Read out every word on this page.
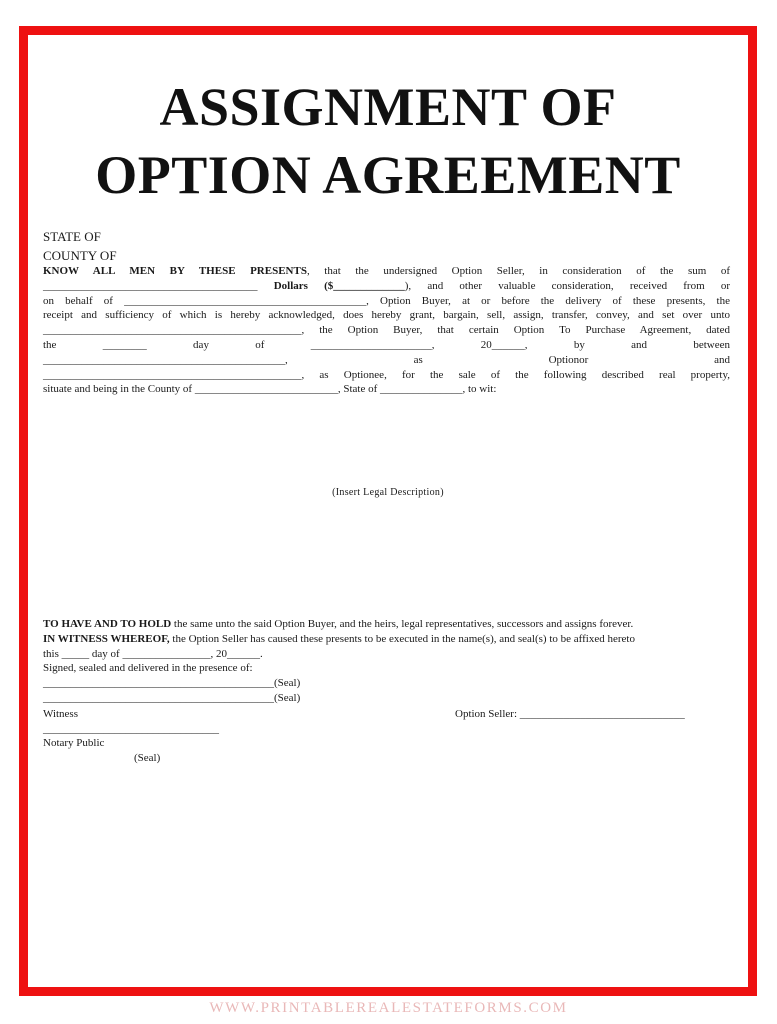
ASSIGNMENT OF
OPTION AGREEMENT
STATE OF
COUNTY OF
KNOW ALL MEN BY THESE PRESENTS, that the undersigned Option Seller, in consideration of the sum of
_______________________________________ Dollars ($_____________), and other valuable consideration, received from or
on behalf of ____________________________________________, Option Buyer, at or before the delivery of these presents, the
receipt and sufficiency of which is hereby acknowledged, does hereby grant, bargain, sell, assign, transfer, convey, and set over unto
_______________________________________________, the Option Buyer, that certain Option To Purchase Agreement, dated
the ________ day of ______________________, 20______, by and between
____________________________________________, as Optionor and
_______________________________________________, as Optionee, for the sale of the following described real property,
situate and being in the County of __________________________, State of _______________, to wit:
(Insert Legal Description)
TO HAVE AND TO HOLD the same unto the said Option Buyer, and the heirs, legal representatives, successors and assigns forever.
IN WITNESS WHEREOF, the Option Seller has caused these presents to be executed in the name(s), and seal(s) to be affixed hereto
this _____ day of ________________, 20______.
Signed, sealed and delivered in the presence of:
__________________________________________(Seal)
__________________________________________(Seal)
Witness	Option Seller: ______________________________
________________________________
Notary Public
(Seal)
WWW.PRINTABLEREALESTATEFORMS.COM
